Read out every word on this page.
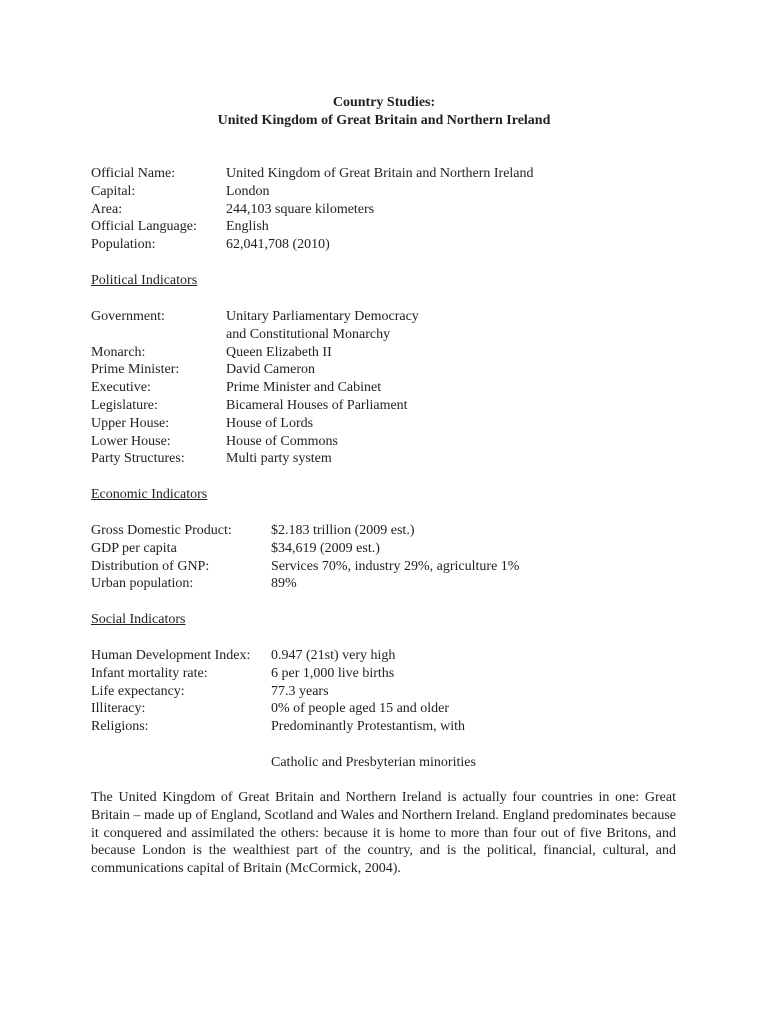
Country Studies:
United Kingdom of Great Britain and Northern Ireland
Official Name:	United Kingdom of Great Britain and Northern Ireland
Capital:	London
Area:	244,103 square kilometers
Official Language:	English
Population:	62,041,708 (2010)
Political Indicators
Government:	Unitary Parliamentary Democracy
and Constitutional Monarchy
Monarch:	Queen Elizabeth II
Prime Minister:	David Cameron
Executive:	Prime Minister and Cabinet
Legislature:	Bicameral Houses of Parliament
Upper House:	House of Lords
Lower House:	House of Commons
Party Structures:	Multi party system
Economic Indicators
Gross Domestic Product:	$2.183 trillion (2009 est.)
GDP per capita	$34,619 (2009 est.)
Distribution of GNP:	Services 70%, industry 29%, agriculture 1%
Urban population:	89%
Social Indicators
Human Development Index:	0.947 (21st) very high
Infant mortality rate:	6 per 1,000 live births
Life expectancy:	77.3 years
Illiteracy:	0% of people aged 15 and older
Religions:	Predominantly Protestantism, with
Catholic and Presbyterian minorities
The United Kingdom of Great Britain and Northern Ireland is actually four countries in one: Great Britain – made up of England, Scotland and Wales and Northern Ireland. England predominates because it conquered and assimilated the others: because it is home to more than four out of five Britons, and because London is the wealthiest part of the country, and is the political, financial, cultural, and communications capital of Britain (McCormick, 2004).
